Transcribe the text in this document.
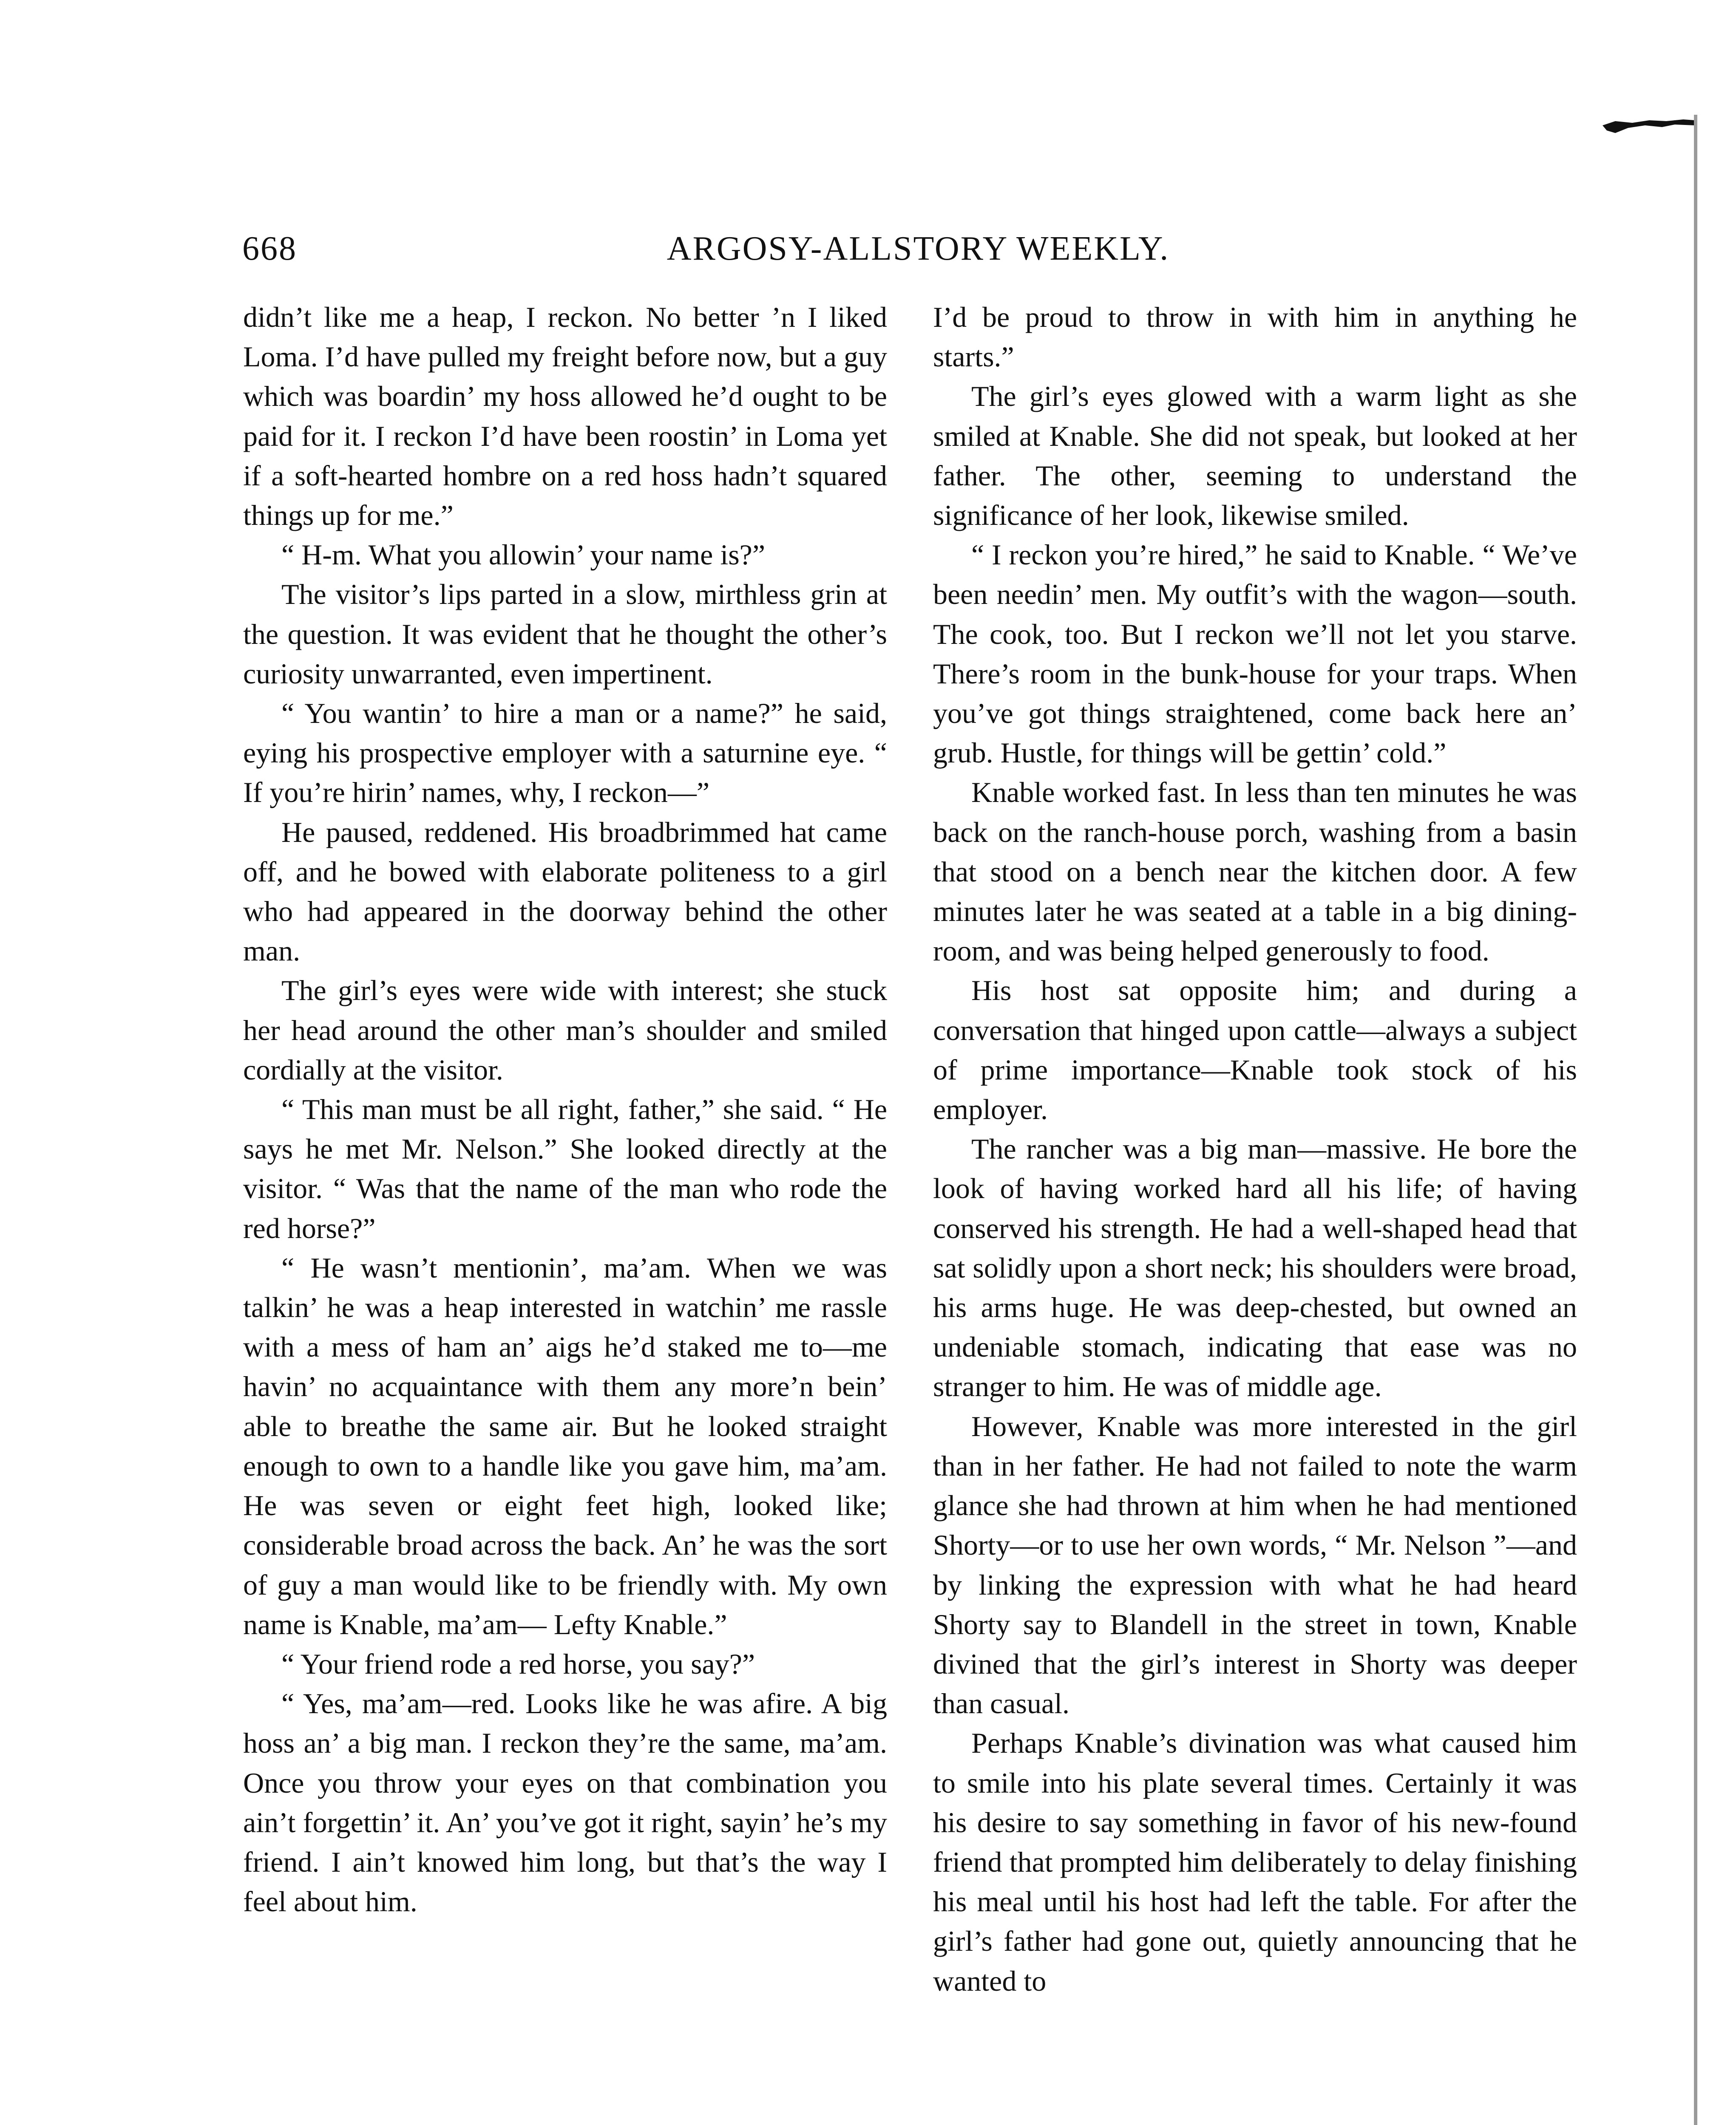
668	ARGOSY-ALLSTORY WEEKLY.

didn’t like me a heap, I reckon. No better ’n I liked Loma. I’d have pulled my freight before now, but a guy which was boardin’ my hoss allowed he’d ought to be paid for it. I reckon I’d have been roostin’ in Loma yet if a soft-hearted hombre on a red hoss hadn’t squared things up for me.”

“ H-m. What you allowin’ your name is?”

The visitor’s lips parted in a slow, mirthless grin at the question. It was evident that he thought the other’s curiosity unwarranted, even impertinent.

“ You wantin’ to hire a man or a name?” he said, eying his prospective employer with a saturnine eye. “ If you’re hirin’ names, why, I reckon—”

He paused, reddened. His broadbrimmed hat came off, and he bowed with elaborate politeness to a girl who had appeared in the doorway behind the other man.

The girl’s eyes were wide with interest; she stuck her head around the other man’s shoulder and smiled cordially at the visitor.

“ This man must be all right, father,” she said. “ He says he met Mr. Nelson.” She looked directly at the visitor. “ Was that the name of the man who rode the red horse?”

“ He wasn’t mentionin’, ma’am. When we was talkin’ he was a heap interested in watchin’ me rassle with a mess of ham an’ aigs he’d staked me to—me havin’ no acquaintance with them any more’n bein’ able to breathe the same air. But he looked straight enough to own to a handle like you gave him, ma’am. He was seven or eight feet high, looked like; considerable broad across the back. An’ he was the sort of guy a man would like to be friendly with. My own name is Knable, ma’am— Lefty Knable.”

“ Your friend rode a red horse, you say?”

“ Yes, ma’am—red. Looks like he was afire. A big hoss an’ a big man. I reckon they’re the same, ma’am. Once you throw your eyes on that combination you ain’t forgettin’ it. An’ you’ve got it right, sayin’ he’s my friend. I ain’t knowed him long, but that’s the way I feel about him.

I’d be proud to throw in with him in anything he starts.”

The girl’s eyes glowed with a warm light as she smiled at Knable. She did not speak, but looked at her father. The other, seeming to understand the significance of her look, likewise smiled.

“ I reckon you’re hired,” he said to Knable. “ We’ve been needin’ men. My outfit’s with the wagon—south. The cook, too. But I reckon we’ll not let you starve. There’s room in the bunk-house for your traps. When you’ve got things straightened, come back here an’ grub. Hustle, for things will be gettin’ cold.”

Knable worked fast. In less than ten minutes he was back on the ranch-house porch, washing from a basin that stood on a bench near the kitchen door. A few minutes later he was seated at a table in a big dining-room, and was being helped generously to food.

His host sat opposite him; and during a conversation that hinged upon cattle—always a subject of prime importance—Knable took stock of his employer.

The rancher was a big man—massive. He bore the look of having worked hard all his life; of having conserved his strength. He had a well-shaped head that sat solidly upon a short neck; his shoulders were broad, his arms huge. He was deep-chested, but owned an undeniable stomach, indicating that ease was no stranger to him. He was of middle age.

However, Knable was more interested in the girl than in her father. He had not failed to note the warm glance she had thrown at him when he had mentioned Shorty—or to use her own words, “ Mr. Nelson ”—and by linking the expression with what he had heard Shorty say to Blandell in the street in town, Knable divined that the girl’s interest in Shorty was deeper than casual.

Perhaps Knable’s divination was what caused him to smile into his plate several times. Certainly it was his desire to say something in favor of his new-found friend that prompted him deliberately to delay finishing his meal until his host had left the table. For after the girl’s father had gone out, quietly announcing that he wanted to
